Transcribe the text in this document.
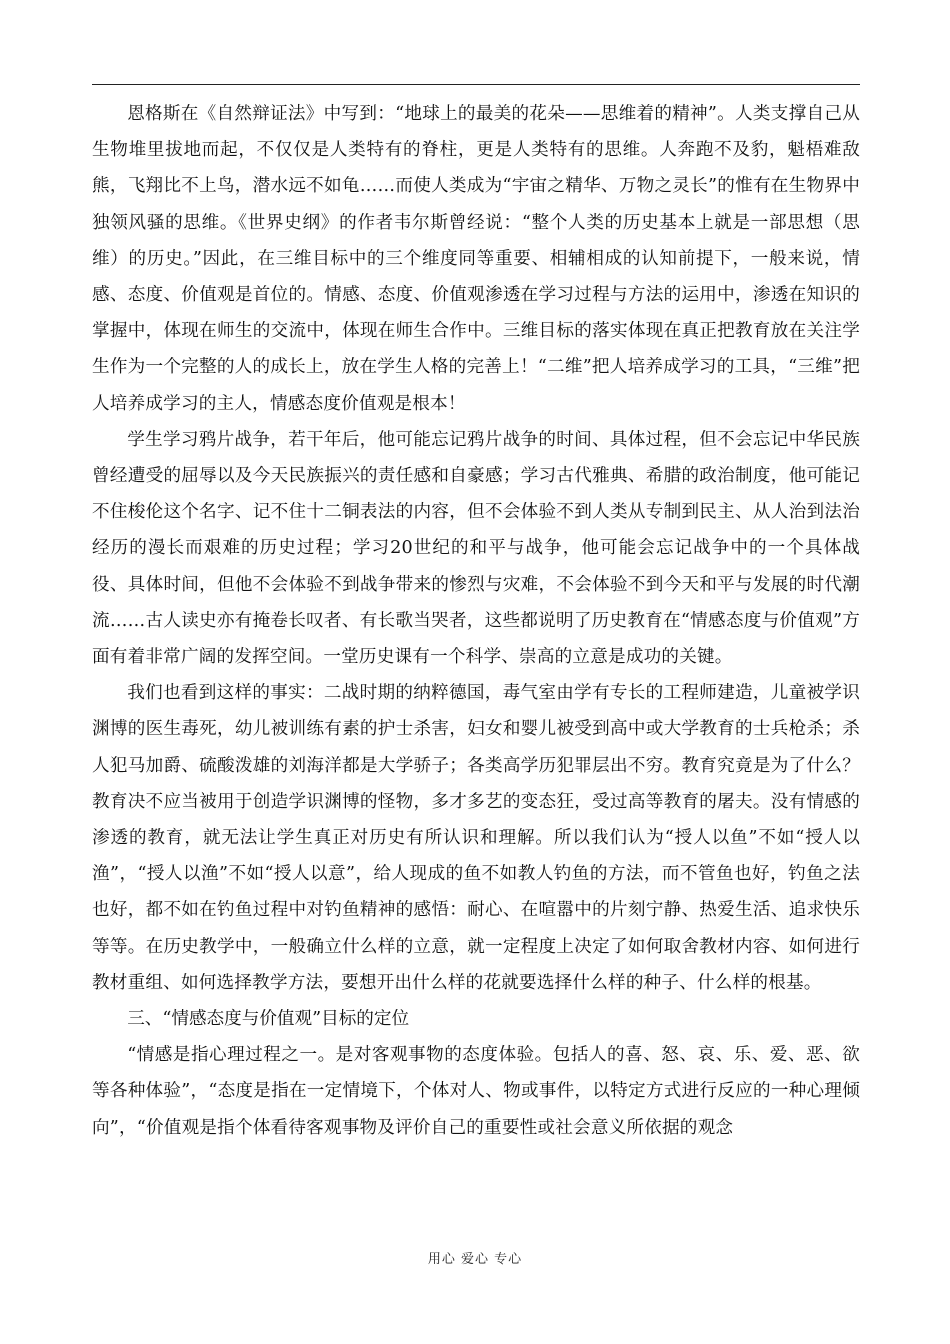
恩格斯在《自然辩证法》中写到：“地球上的最美的花朵——思维着的精神”。人类支撑自己从生物堆里拔地而起，不仅仅是人类特有的脊柱，更是人类特有的思维。人奔跑不及豹，魁梧难敌熊，飞翔比不上鸟，潜水远不如龟……而使人类成为“宇宙之精华、万物之灵长”的惟有在生物界中独领风骚的思维。《世界史纲》的作者韦尔斯曾经说：“整个人类的历史基本上就是一部思想（思维）的历史。”因此，在三维目标中的三个维度同等重要、相辅相成的认知前提下，一般来说，情感、态度、价值观是首位的。情感、态度、价值观渗透在学习过程与方法的运用中，渗透在知识的掌握中，体现在师生的交流中，体现在师生合作中。三维目标的落实体现在真正把教育放在关注学生作为一个完整的人的成长上，放在学生人格的完善上！“二维”把人培养成学习的工具，“三维”把人培养成学习的主人，情感态度价值观是根本！

学生学习鸦片战争，若干年后，他可能忘记鸦片战争的时间、具体过程，但不会忘记中华民族曾经遭受的屈辱以及今天民族振兴的责任感和自豪感；学习古代雅典、希腊的政治制度，他可能记不住梭伦这个名字、记不住十二铜表法的内容，但不会体验不到人类从专制到民主、从人治到法治经历的漫长而艰难的历史过程；学习20世纪的和平与战争，他可能会忘记战争中的一个具体战役、具体时间，但他不会体验不到战争带来的惨烈与灾难，不会体验不到今天和平与发展的时代潮流……古人读史亦有掩卷长叹者、有长歌当哭者，这些都说明了历史教育在“情感态度与价值观”方面有着非常广阔的发挥空间。一堂历史课有一个科学、崇高的立意是成功的关键。

我们也看到这样的事实：二战时期的纳粹德国，毒气室由学有专长的工程师建造，儿童被学识渊博的医生毒死，幼儿被训练有素的护士杀害，妇女和婴儿被受到高中或大学教育的士兵枪杀；杀人犯马加爵、硫酸泼雄的刘海洋都是大学骄子；各类高学历犯罪层出不穷。教育究竟是为了什么？教育决不应当被用于创造学识渊博的怪物，多才多艺的变态狂，受过高等教育的屠夫。没有情感的渗透的教育，就无法让学生真正对历史有所认识和理解。所以我们认为“授人以鱼”不如“授人以渔”，“授人以渔”不如“授人以意”，给人现成的鱼不如教人钓鱼的方法，而不管鱼也好，钓鱼之法也好，都不如在钓鱼过程中对钓鱼精神的感悟：耐心、在喧嚣中的片刻宁静、热爱生活、追求快乐等等。在历史教学中，一般确立什么样的立意，就一定程度上决定了如何取舍教材内容、如何进行教材重组、如何选择教学方法，要想开出什么样的花就要选择什么样的种子、什么样的根基。

三、“情感态度与价值观”目标的定位

“情感是指心理过程之一。是对客观事物的态度体验。包括人的喜、怒、哀、乐、爱、恶、欲等各种体验”，“态度是指在一定情境下，个体对人、物或事件，以特定方式进行反应的一种心理倾向”，“价值观是指个体看待客观事物及评价自己的重要性或社会意义所依据的观念

用心 爱心 专心
